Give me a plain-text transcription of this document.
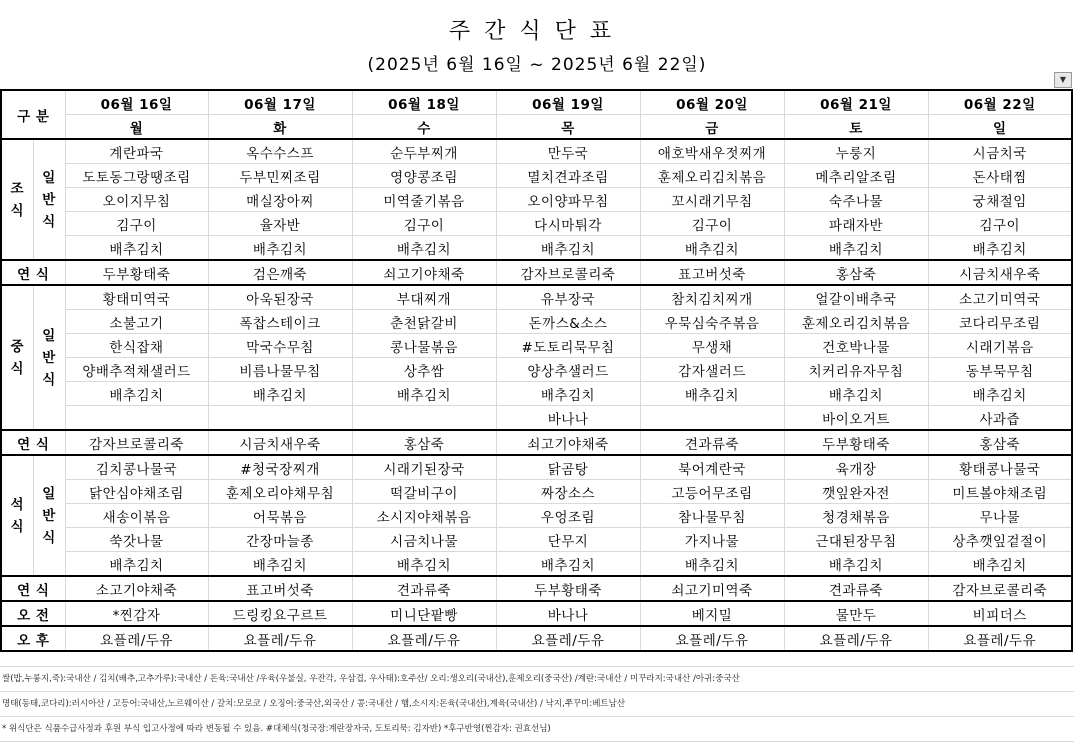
주간식단표
(2025년 6월 16일 ~ 2025년 6월 22일)
▼
구 분		06월 16일	06월 17일	06월 18일	06월 19일	06월 20일	06월 21일	06월 22일
		월	화	수	목	금	토	일
조 식	일 반 식	계란파국	옥수수스프	순두부찌개	만두국	애호박새우젓찌개	누룽지	시금치국
		도토동그랑땡조림	두부민찌조림	영양콩조림	멸치견과조림	훈제오리김치볶음	메추리알조림	돈사태찜
		오이지무침	매실장아찌	미역줄기볶음	오이양파무침	꼬시래기무침	숙주나물	궁채절임
		김구이	율자반	김구이	다시마튀각	김구이	파래자반	김구이
		배추김치	배추김치	배추김치	배추김치	배추김치	배추김치	배추김치
연 식		두부황태죽	검은깨죽	쇠고기야채죽	감자브로콜리죽	표고버섯죽	홍삼죽	시금치새우죽
중 식	일 반 식	황태미역국	아욱된장국	부대찌개	유부장국	참치김치찌개	얼갈이배추국	소고기미역국
		소불고기	폭찹스테이크	춘천닭갈비	돈까스&소스	우묵심숙주볶음	훈제오리김치볶음	코다리무조림
		한식잡채	막국수무침	콩나물볶음	#도토리묵무침	무생채	건호박나물	시래기볶음
		양배추적채샐러드	비름나물무침	상추쌈	양상추샐러드	감자샐러드	치커리유자무침	동부묵무침
		배추김치	배추김치	배추김치	배추김치	배추김치	배추김치	배추김치
					바나나		바이오거트	사과즙
연 식		감자브로콜리죽	시금치새우죽	홍삼죽	쇠고기야채죽	견과류죽	두부황태죽	홍삼죽
석 식	일 반 식	김치콩나물국	#청국장찌개	시래기된장국	닭곰탕	북어계란국	육개장	황태콩나물국
		닭안심야채조림	훈제오리야채무침	떡갈비구이	짜장소스	고등어무조림	깻잎완자전	미트볼야채조림
		새송이볶음	어묵볶음	소시지야채볶음	우엉조림	참나물무침	청경채볶음	무나물
		쑥갓나물	간장마늘종	시금치나물	단무지	가지나물	근대된장무침	상추깻잎겉절이
		배추김치	배추김치	배추김치	배추김치	배추김치	배추김치	배추김치
연 식		소고기야채죽	표고버섯죽	견과류죽	두부황태죽	쇠고기미역죽	견과류죽	감자브로콜리죽
오 전		*찐감자	드링킹요구르트	미니단팥빵	바나나	베지밀	물만두	비피더스
오 후		요플레/두유	요플레/두유	요플레/두유	요플레/두유	요플레/두유	요플레/두유	요플레/두유
쌀(밥,누룽지,죽):국내산 / 김치(배추,고추가루):국내산 / 돈육:국내산 /우육(우불실, 우잔각, 우삼겹, 우사태):호주산/ 오리:생오리(국내산),훈제오리(중국산) /계란:국내산 / 미꾸라지:국내산 /아귀:중국산
명태(동태,코다리):러시아산 / 고등어:국내산,노르웨이산 / 갈치:모로코 / 오징어:중국산,외국산 / 콩:국내산 / 햄,소시지:돈육(국내산),계육(국내산) / 낙지,쭈꾸미:베트남산
* 위식단은 식품수급사정과 후원 부식 입고사정에 따라 변동될 수 있음. #대체식(청국장:계란장자국, 도토리묵: 김자반) *후구반영(찐감자: 권효선님)
